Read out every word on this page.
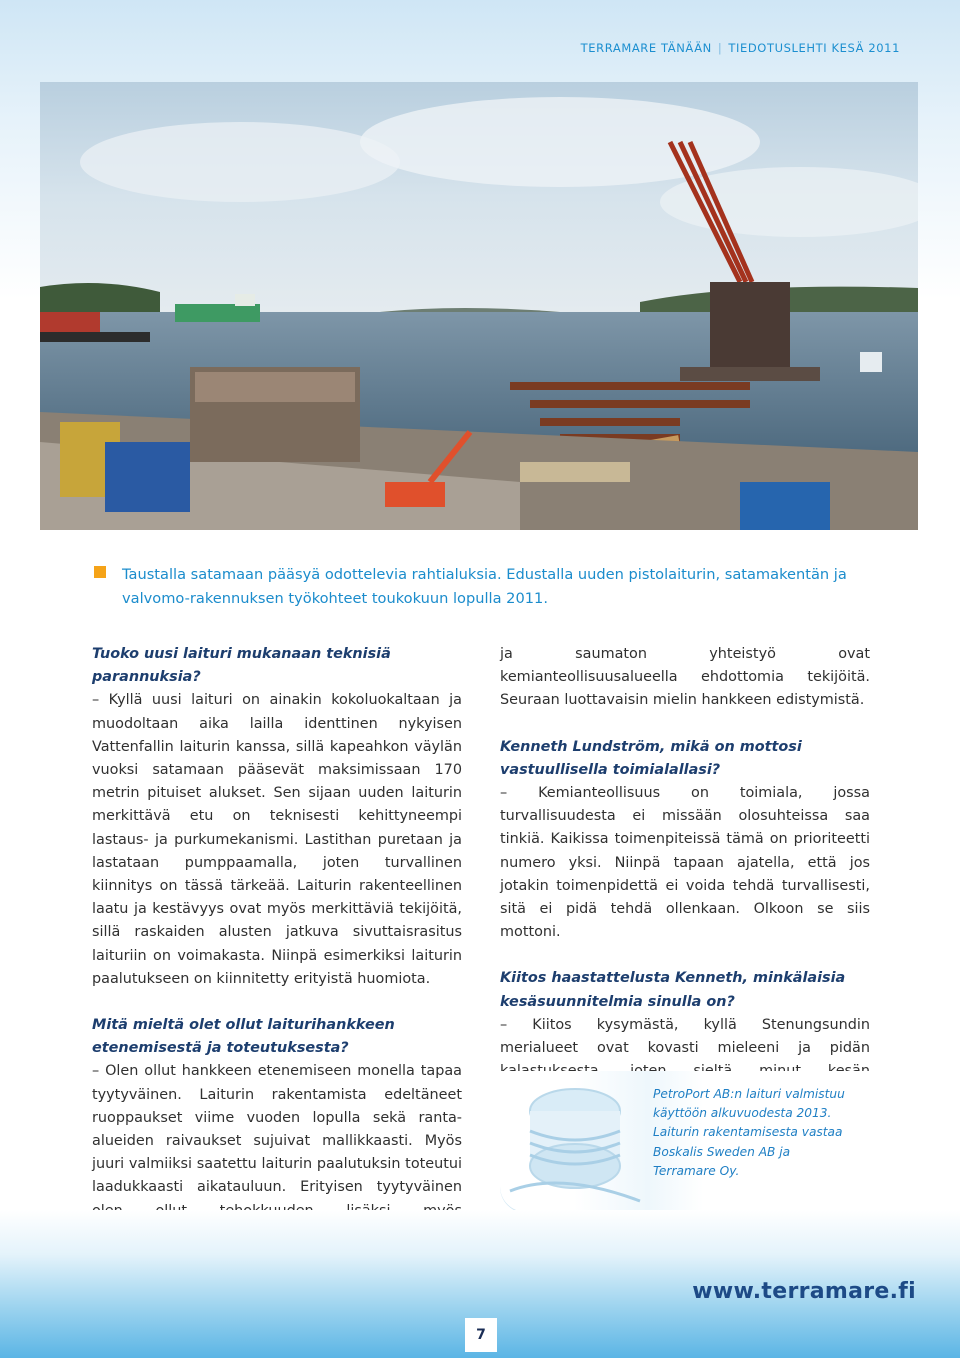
TERRAMARE TÄNÄÄN | TIEDOTUSLEHTI KESÄ 2011
Taustalla satamaan pääsyä odottelevia rahtialuksia. Edustalla uuden pistolaiturin, satamakentän ja valvomo-rakennuksen työkohteet toukokuun lopulla 2011.

Tuoko uusi laituri mukanaan teknisiä parannuksia?

– Kyllä uusi laituri on ainakin kokoluokaltaan ja muodoltaan aika lailla identtinen nykyisen Vattenfallin laiturin kanssa, sillä kapeahkon väylän vuoksi satamaan pääsevät maksimissaan 170 metrin pituiset alukset. Sen sijaan uuden laiturin merkittävä etu on teknisesti kehittyneempi lastaus- ja purkumekanismi. Lastithan puretaan ja lastataan pumppaamalla, joten turvallinen kiinnitys on tässä tärkeää. Laiturin rakenteellinen laatu ja kestävyys ovat myös merkittäviä tekijöitä, sillä raskaiden alusten jatkuva sivuttaisrasitus laituriin on voimakasta. Niinpä esimerkiksi laiturin paalutukseen on kiinnitetty erityistä huomiota.

Mitä mieltä olet ollut laiturihankkeen etenemisestä ja toteutuksesta?

– Olen ollut hankkeen etenemiseen monella tapaa tyytyväinen. Laiturin rakentamista edeltäneet ruoppaukset viime vuoden lopulla sekä ranta-alueiden raivaukset sujuivat mallikkaasti. Myös juuri valmiiksi saatettu laiturin paalutuksin toteutui laadukkaasti aikatauluun. Erityisen tyytyväinen

ja saumaton yhteistyö ovat kemianteollisuusalueella ehdottomia tekijöitä. Seuraan luottavaisin mielin hankkeen edistymistä.

Kenneth Lundström, mikä on mottosi vastuullisella toimialallasi?

– Kemianteollisuus on toimiala, jossa turvallisuudesta ei missään olosuhteissa saa tinkiä. Kaikissa toimenpiteissä tämä on prioriteetti numero yksi. Niinpä tapaan ajatella, että jos jotakin toimenpidettä ei voida tehdä turvallisesti, sitä ei pidä tehdä ollenkaan. Olkoon se siis mottoni.

Kiitos haastattelusta Kenneth, minkälaisia kesäsuunnitelmia sinulla on?

– Kiitos kysymästä, kyllä Stenungsundin merialueet ovat kovasti mieleeni ja pidän

PetroPort AB:n laituri valmistuu
käyttöön alkuvuodesta 2013.
Laiturin rakentamisesta vastaa
Boskalis Sweden AB ja
Terramare Oy.
www.terramare.fi
7
